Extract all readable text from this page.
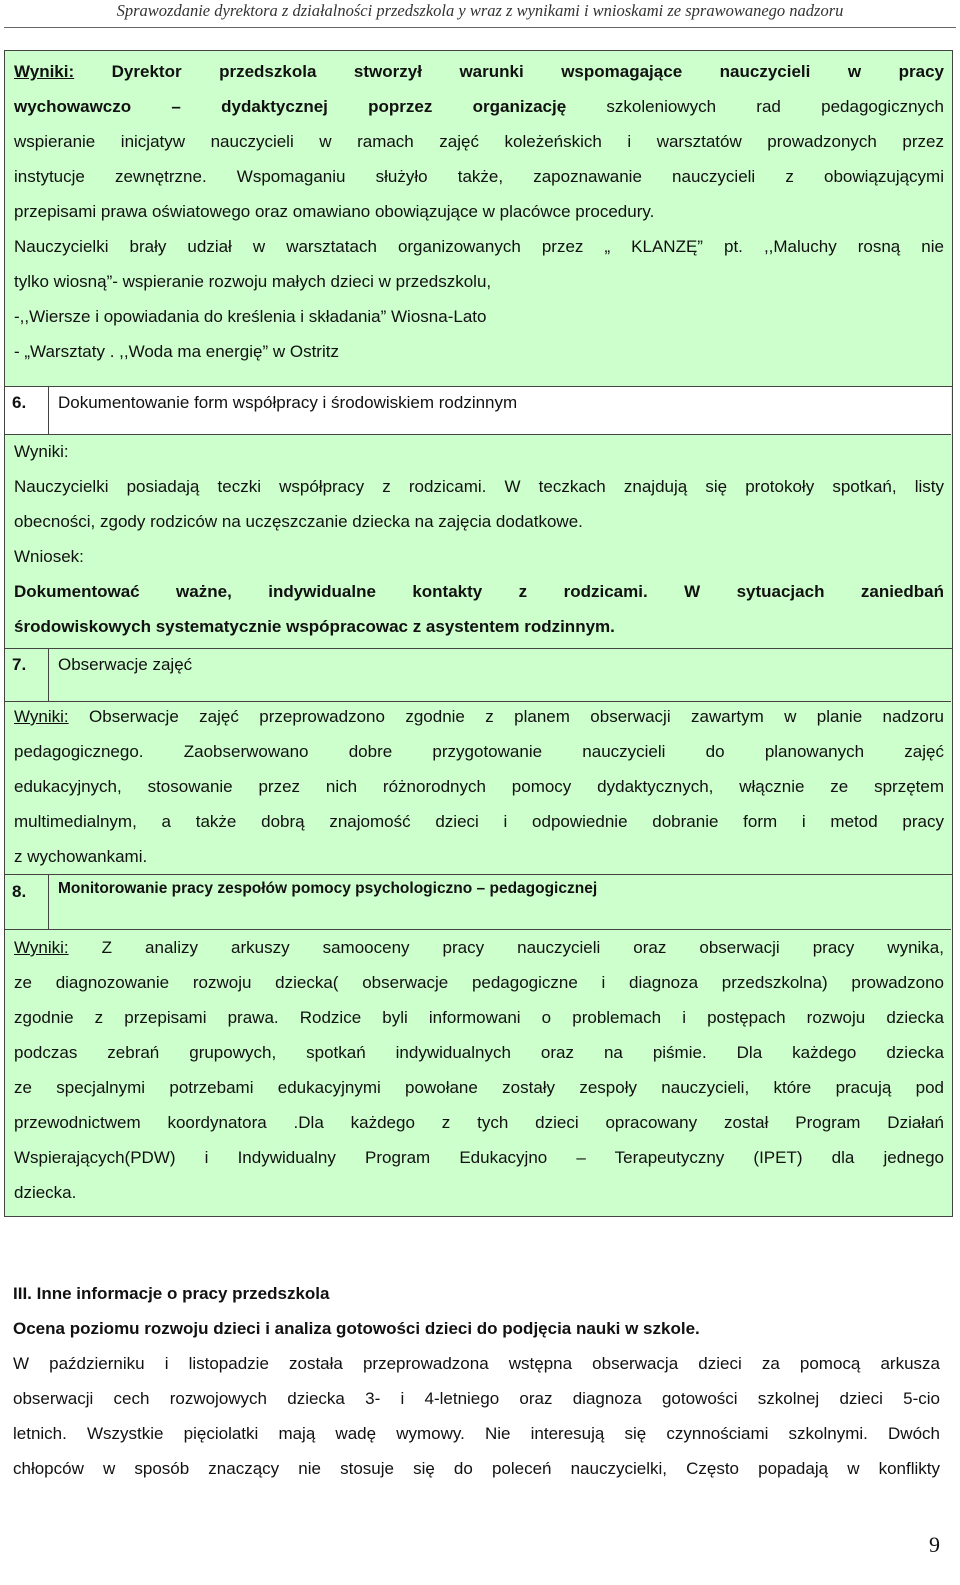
Sprawozdanie dyrektora z działalności przedszkola y wraz z wynikami i wnioskami ze sprawowanego nadzoru
Wyniki: Dyrektor przedszkola stworzył warunki wspomagające nauczycieli w pracy
wychowawczo – dydaktycznej poprzez organizację szkoleniowych rad pedagogicznych
wspieranie inicjatyw nauczycieli w ramach zajęć koleżeńskich i warsztatów prowadzonych przez
instytucje zewnętrzne. Wspomaganiu służyło także, zapoznawanie nauczycieli z obowiązującymi
przepisami prawa oświatowego oraz omawiano obowiązujące w placówce procedury.
Nauczycielki brały udział w warsztatach organizowanych przez „ KLANZĘ” pt. ,,Maluchy rosną nie
tylko wiosną”- wspieranie rozwoju małych dzieci w przedszkolu,
-,,Wiersze i opowiadania do kreślenia i składania” Wiosna-Lato
- „Warsztaty . ,,Woda ma energię” w Ostritz
6.	Dokumentowanie form współpracy i środowiskiem rodzinnym
Wyniki:
Nauczycielki posiadają teczki współpracy z rodzicami. W teczkach znajdują się protokoły spotkań, listy
obecności, zgody rodziców na uczęszczanie dziecka na zajęcia dodatkowe.
Wniosek:
Dokumentować ważne, indywidualne kontakty z rodzicami. W sytuacjach zaniedbań
środowiskowych systematycznie wspópracowac z asystentem rodzinnym.
7.	Obserwacje zajęć
Wyniki: Obserwacje zajęć przeprowadzono zgodnie z planem obserwacji zawartym w planie nadzoru
pedagogicznego. Zaobserwowano dobre przygotowanie nauczycieli do planowanych zajęć
edukacyjnych, stosowanie przez nich różnorodnych pomocy dydaktycznych, włącznie ze sprzętem
multimedialnym, a także dobrą znajomość dzieci i odpowiednie dobranie form i metod pracy
z wychowankami.
8.	Monitorowanie pracy zespołów pomocy psychologiczno – pedagogicznej
Wyniki: Z analizy arkuszy samooceny pracy nauczycieli oraz obserwacji pracy wynika,
ze diagnozowanie rozwoju dziecka( obserwacje pedagogiczne i diagnoza przedszkolna) prowadzono
zgodnie z przepisami prawa. Rodzice byli informowani o problemach i postępach rozwoju dziecka
podczas zebrań grupowych, spotkań indywidualnych oraz na piśmie. Dla każdego dziecka
ze specjalnymi potrzebami edukacyjnymi powołane zostały zespoły nauczycieli, które pracują pod
przewodnictwem koordynatora .Dla każdego z tych dzieci opracowany został Program Działań
Wspierających(PDW) i Indywidualny Program Edukacyjno – Terapeutyczny (IPET) dla jednego
dziecka.
III. Inne informacje o pracy przedszkola
Ocena poziomu rozwoju dzieci i analiza gotowości dzieci do podjęcia nauki w szkole.
W październiku i listopadzie została przeprowadzona wstępna obserwacja dzieci za pomocą arkusza
obserwacji cech rozwojowych dziecka 3- i 4-letniego oraz diagnoza gotowości szkolnej dzieci 5-cio
letnich. Wszystkie pięciolatki mają wadę wymowy. Nie interesują się czynnościami szkolnymi. Dwóch
chłopców w sposób znaczący nie stosuje się do poleceń nauczycielki, Często popadają w konflikty
9
